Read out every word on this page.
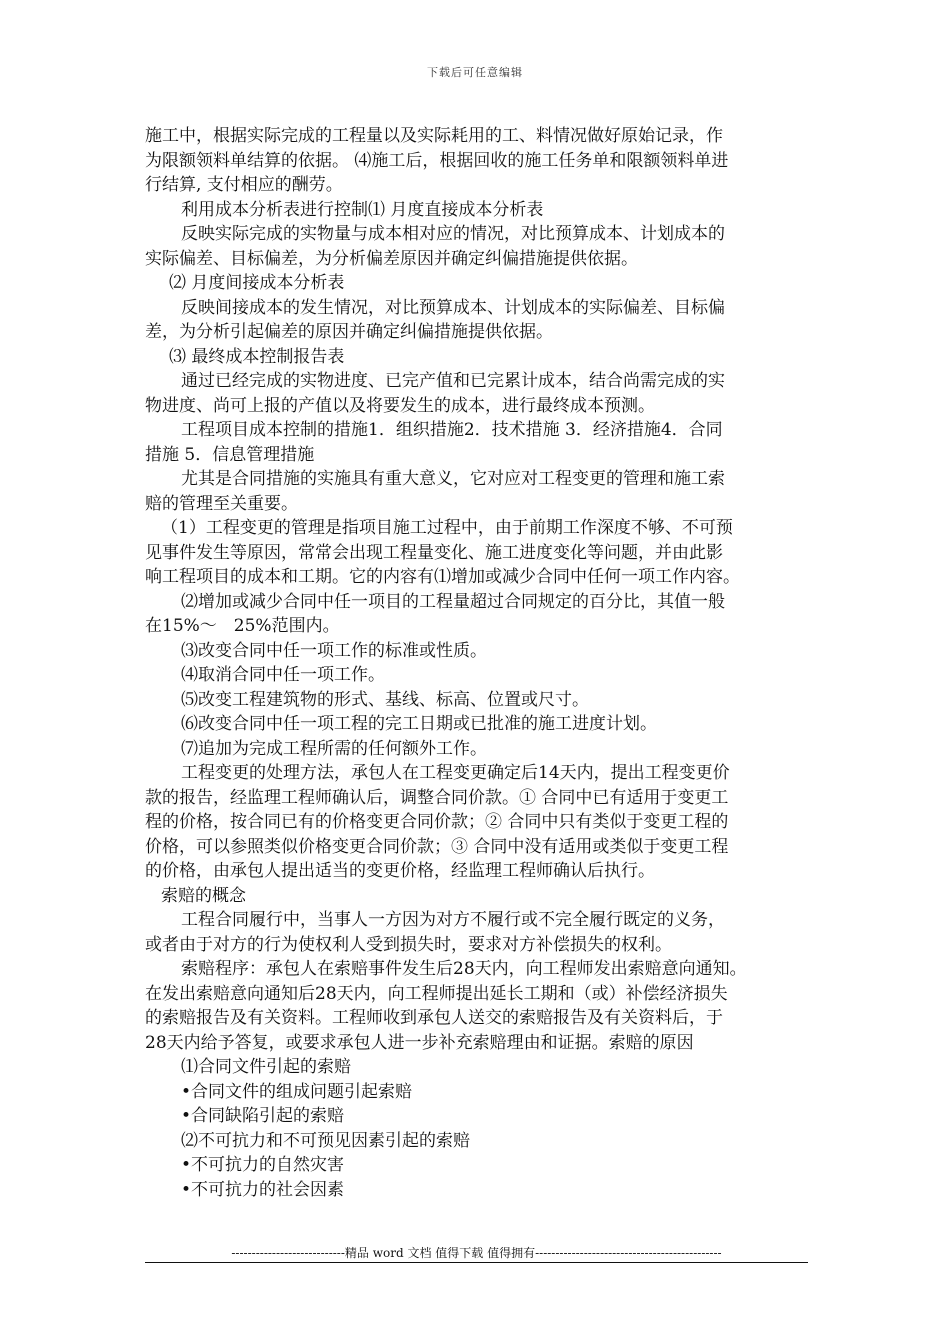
下载后可任意编辑
施工中，根据实际完成的工程量以及实际耗用的工、料情况做好原始记录，作
为限额领料单结算的依据。 ⑷施工后，根据回收的施工任务单和限额领料单进
行结算, 支付相应的酬劳。
利用成本分析表进行控制⑴ 月度直接成本分析表
反映实际完成的实物量与成本相对应的情况，对比预算成本、计划成本的
实际偏差、目标偏差，为分析偏差原因并确定纠偏措施提供依据。
⑵ 月度间接成本分析表
反映间接成本的发生情况，对比预算成本、计划成本的实际偏差、目标偏
差，为分析引起偏差的原因并确定纠偏措施提供依据。
⑶ 最终成本控制报告表
通过已经完成的实物进度、已完产值和已完累计成本，结合尚需完成的实
物进度、尚可上报的产值以及将要发生的成本，进行最终成本预测。
工程项目成本控制的措施1．组织措施2．技术措施 3．经济措施4．合同
措施 5．信息管理措施
尤其是合同措施的实施具有重大意义，它对应对工程变更的管理和施工索
赔的管理至关重要。
（1）工程变更的管理是指项目施工过程中，由于前期工作深度不够、不可预
见事件发生等原因，常常会出现工程量变化、施工进度变化等问题，并由此影
响工程项目的成本和工期。它的内容有⑴增加或减少合同中任何一项工作内容。
⑵增加或减少合同中任一项目的工程量超过合同规定的百分比，其值一般
在15%～　25%范围内。
⑶改变合同中任一项工作的标准或性质。
⑷取消合同中任一项工作。
⑸改变工程建筑物的形式、基线、标高、位置或尺寸。
⑹改变合同中任一项工程的完工日期或已批准的施工进度计划。
⑺追加为完成工程所需的任何额外工作。
工程变更的处理方法，承包人在工程变更确定后14天内，提出工程变更价
款的报告，经监理工程师确认后，调整合同价款。① 合同中已有适用于变更工
程的价格，按合同已有的价格变更合同价款；② 合同中只有类似于变更工程的
价格，可以参照类似价格变更合同价款；③ 合同中没有适用或类似于变更工程
的价格，由承包人提出适当的变更价格，经监理工程师确认后执行。
索赔的概念
工程合同履行中，当事人一方因为对方不履行或不完全履行既定的义务，
或者由于对方的行为使权利人受到损失时，要求对方补偿损失的权利。
索赔程序：承包人在索赔事件发生后28天内，向工程师发出索赔意向通知。
在发出索赔意向通知后28天内，向工程师提出延长工期和（或）补偿经济损失
的索赔报告及有关资料。工程师收到承包人送交的索赔报告及有关资料后，于
28天内给予答复，或要求承包人进一步补充索赔理由和证据。索赔的原因
⑴合同文件引起的索赔
•合同文件的组成问题引起索赔
•合同缺陷引起的索赔
⑵不可抗力和不可预见因素引起的索赔
•不可抗力的自然灾害
•不可抗力的社会因素
----------------------------精品 word 文档 值得下载 值得拥有----------------------------------------------
